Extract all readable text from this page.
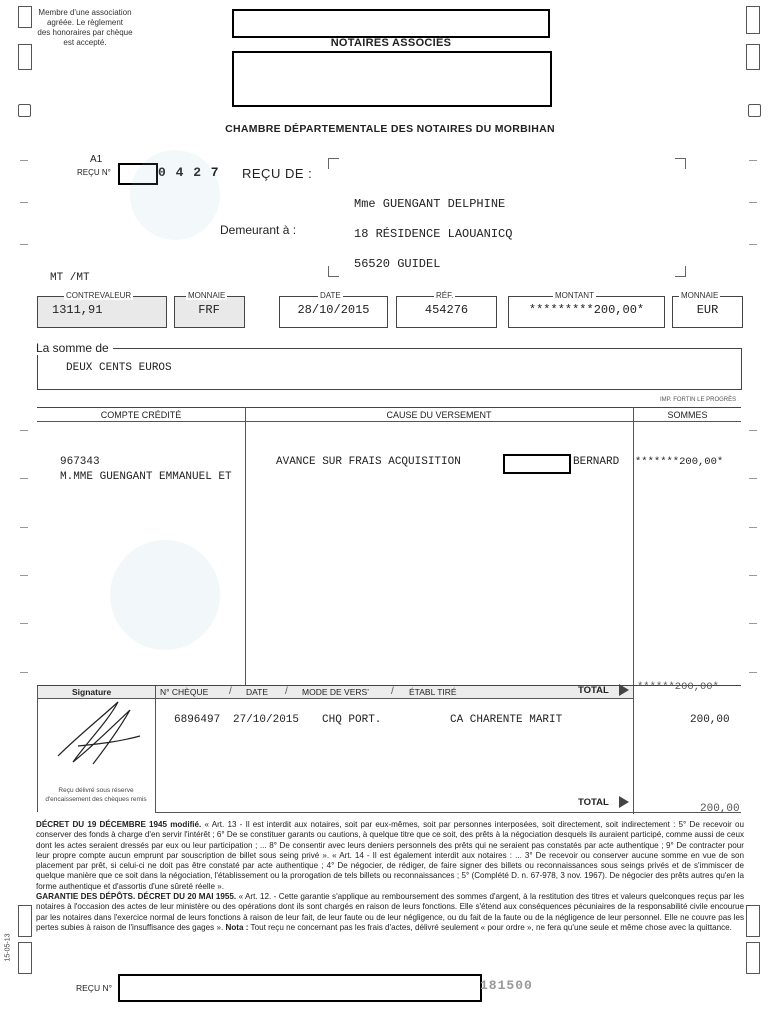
Membre d'une association
agréée. Le règlement
des honoraires par chèque
est accepté.	NOTAIRES ASSOCIÉS
CHAMBRE DÉPARTEMENTALE DES NOTAIRES DU MORBIHAN
A1
REÇU N°	0 4 2 7 REÇU DE :
Mme GUENGANT DELPHINE
Demeurant à :	18 RÉSIDENCE LAOUANICQ
56520 GUIDEL
MT /MT
CONTREVALEUR
1311,91
MONNAIE
FRF
DATE
28/10/2015
RÉF.
454276
MONTANT
*********200,00*
MONNAIE
EUR
La somme de
DEUX CENTS EUROS
IMP. FORTIN LE PROGRÈS
COMPTE CRÉDITÉ	CAUSE DU VERSEMENT	SOMMES
967343
M.MME GUENGANT EMMANUEL ET
AVANCE SUR FRAIS ACQUISITION	BERNARD *******200,00*
Signature	N° CHÈQUE / DATE / MODE DE VERS’ / ÉTABL TIRÉ	TOTAL	******200,00*
6896497 27/10/2015 CHQ PORT.	CA CHARENTE MARIT	200,00
Reçu délivré sous réserve
d'encaissement des chèques remis	TOTAL
200,00
DÉCRET DU 19 DÉCEMBRE 1945 modifié. « Art. 13 - Il est interdit aux notaires, soit par eux-mêmes, soit par personnes interposées, soit directement, soit indirectement : 5° De recevoir ou conserver des fonds à charge d'en servir l'intérêt ; 6° De se constituer garants ou cautions, à quelque titre que ce soit, des prêts à la négociation desquels ils auraient participé, comme aussi de ceux dont les actes seraient dressés par eux ou leur participation ; ... 8° De consentir avec leurs deniers personnels des prêts qui ne seraient pas constatés par acte authentique ; 9° De contracter pour leur propre compte aucun emprunt par souscription de billet sous seing privé ». « Art. 14 - Il est également interdit aux notaires : ... 3° De recevoir ou conserver aucune somme en vue de son placement par prêt, si celui-ci ne doit pas être constaté par acte authentique ; 4° De négocier, de rédiger, de faire signer des billets ou reconnaissances sous seings privés et de s'immiscer de quelque manière que ce soit dans la négociation, l'établissement ou la prorogation de tels billets ou reconnaissances ; 5° (Complété D. n. 67-978, 3 nov. 1967). De négocier des prêts autres qu'en la forme authentique et d'assortis d'une sûreté réelle ».
GARANTIE DES DÉPÔTS. DÉCRET DU 20 MAI 1955. « Art. 12. - Cette garantie s'applique au remboursement des sommes d'argent, à la restitution des titres et valeurs quelconques reçus par les notaires à l'occasion des actes de leur ministère ou des opérations dont ils sont chargés en raison de leurs fonctions. Elle s'étend aux conséquences pécuniaires de la responsabilité civile encourue par les notaires dans l'exercice normal de leurs fonctions à raison de leur fait, de leur faute ou de leur négligence, ou du fait de la faute ou de la négligence de leur personnel. Elle ne couvre pas les pertes subies à raison de l'insuffisance des gages ». Nota : Tout reçu ne concernant pas les frais d'actes, délivré seulement « pour ordre », ne fera qu'une seule et même chose avec la quittance.
15-05-13
REÇU N°	181500
